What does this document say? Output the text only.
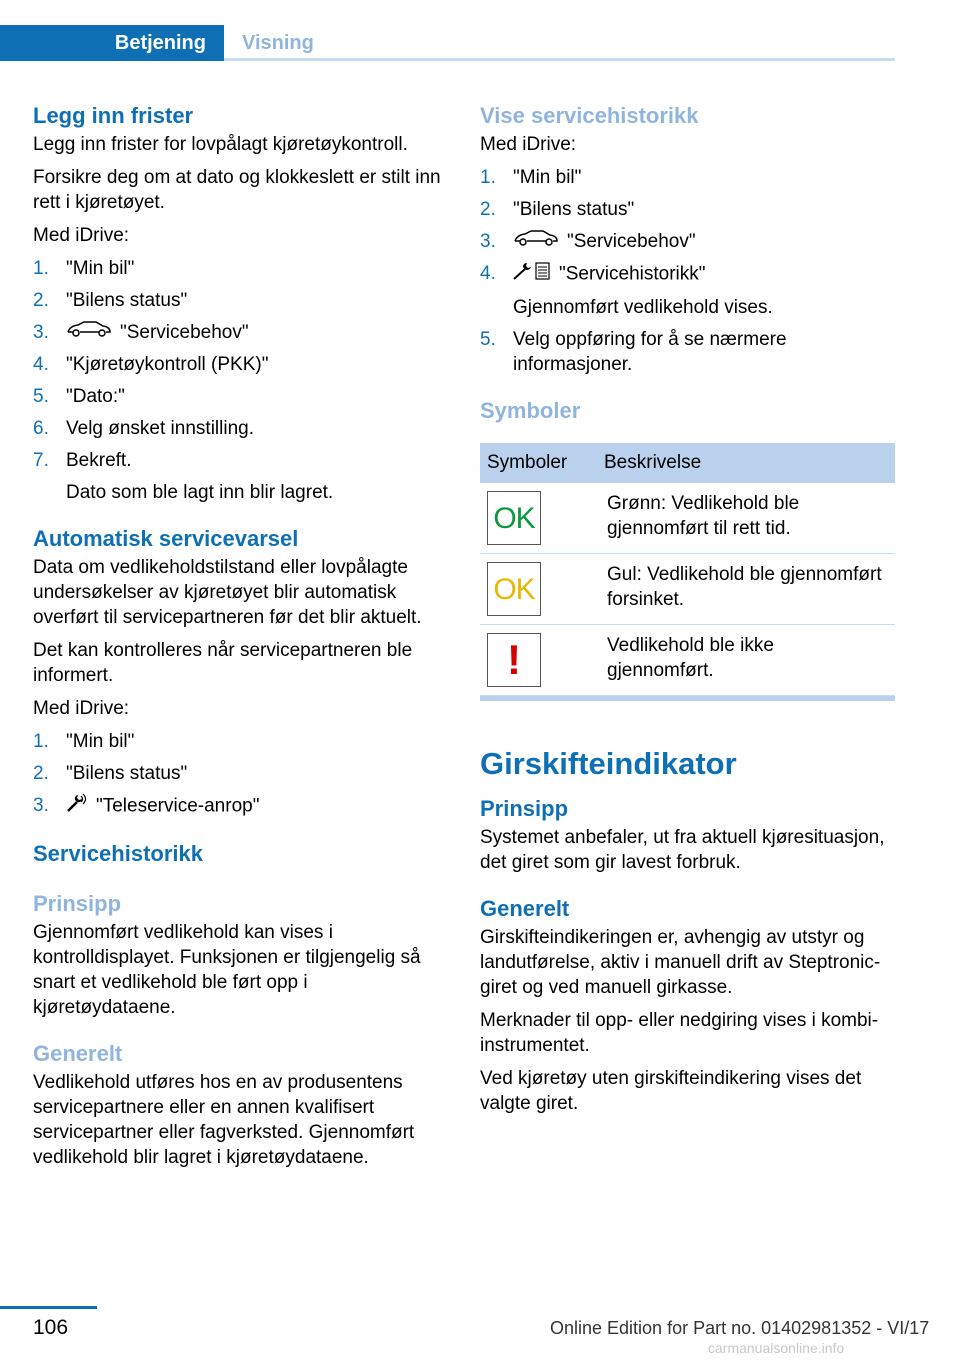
Betjening	Visning
Legg inn frister

Legg inn frister for lovpålagt kjøretøykontroll.

Forsikre deg om at dato og klokkeslett er stilt inn rett i kjøretøyet.

Med iDrive:

1. "Min bil"
2. "Bilens status"
3.	"Servicebehov"
4. "Kjøretøykontroll (PKK)"
5. "Dato:"
6. Velg ønsket innstilling.
7. Bekreft.
Dato som ble lagt inn blir lagret.
Automatisk servicevarsel

Data om vedlikeholdstilstand eller lovpålagte undersøkelser av kjøretøyet blir automatisk overført til servicepartneren før det blir aktuelt.

Det kan kontrolleres når servicepartneren ble informert.

Med iDrive:

1. "Min bil"
2. "Bilens status"
3. "Teleservice-anrop"
Servicehistorikk
Prinsipp

Gjennomført vedlikehold kan vises i kontrolldisplayet. Funksjonen er tilgjengelig så snart et vedlikehold ble ført opp i kjøretøydataene.

Generelt

Vedlikehold utføres hos en av produsentens servicepartnere eller en annen kvalifisert servicepartner eller fagverksted. Gjennomført vedlikehold blir lagret i kjøretøydataene.

Vise servicehistorikk

Med iDrive:

1. "Min bil"
2. "Bilens status"
3.	"Servicebehov"
4.	"Servicehistorikk"
Gjennomført vedlikehold vises.
5. Velg oppføring for å se nærmere informasjoner.
Symboler
Symboler	Beskrivelse

OK	Grønn: Vedlikehold ble gjennomført til rett tid.

OK	Gul: Vedlikehold ble gjennomført forsinket.

!	Vedlikehold ble ikke gjennomført.
Girskifteindikator
Prinsipp

Systemet anbefaler, ut fra aktuell kjøresituasjon, det giret som gir lavest forbruk.

Generelt

Girskifteindikeringen er, avhengig av utstyr og landutførelse, aktiv i manuell drift av Steptronic-giret og ved manuell girkasse.

Merknader til opp- eller nedgiring vises i kombi-instrumentet.

Ved kjøretøy uten girskifteindikering vises det valgte giret.

106	Online Edition for Part no. 01402981352 - VI/17
carmanualsonline.info
